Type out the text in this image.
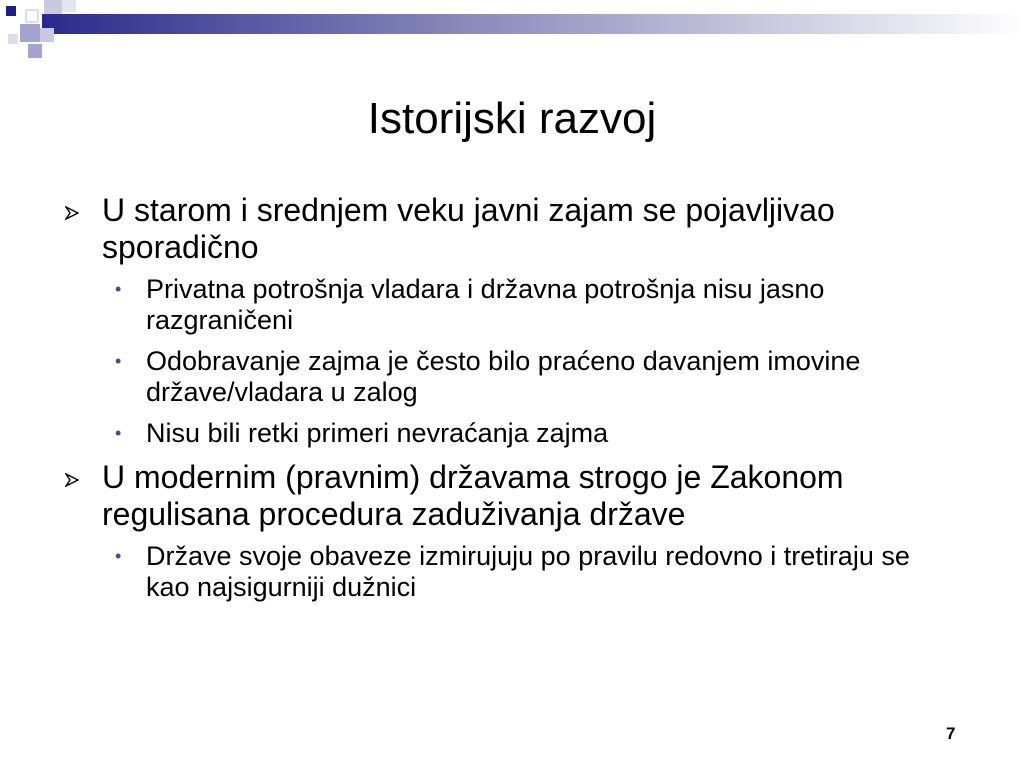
Istorijski razvoj
U starom i srednjem veku javni zajam se pojavljivao sporadično
• Privatna potrošnja vladara i državna potrošnja nisu jasno razgraničeni
• Odobravanje zajma je često bilo praćeno davanjem imovine države/vladara u zalog
• Nisu bili retki primeri nevraćanja zajma
U modernim (pravnim) državama strogo je Zakonom regulisana procedura zaduživanja države
• Države svoje obaveze izmirujuju po pravilu redovno i tretiraju se kao najsigurniji dužnici
7
